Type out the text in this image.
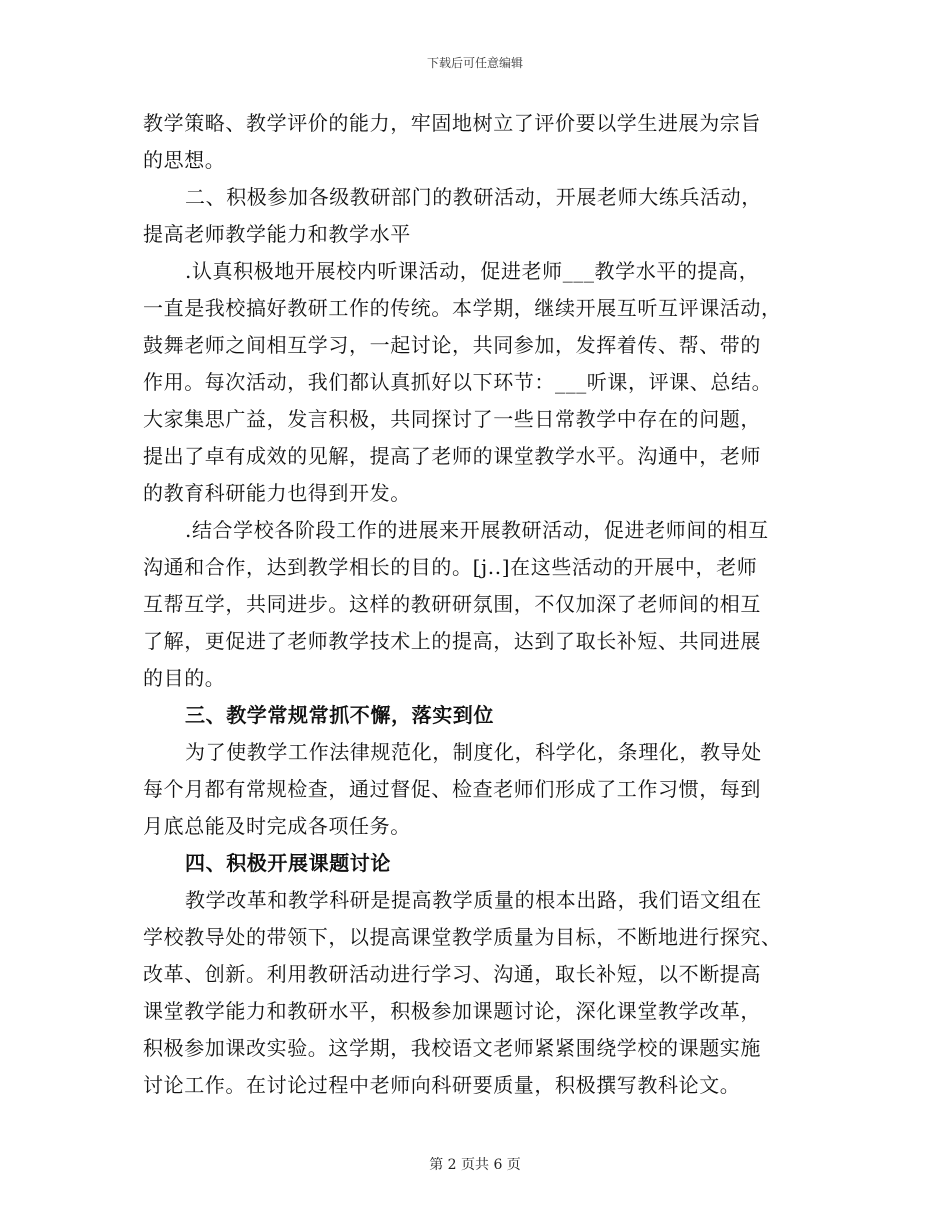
下载后可任意编辑
教学策略、教学评价的能力，牢固地树立了评价要以学生进展为宗旨
的思想。
二、积极参加各级教研部门的教研活动，开展老师大练兵活动，
提高老师教学能力和教学水平
.认真积极地开展校内听课活动，促进老师___教学水平的提高，
一直是我校搞好教研工作的传统。本学期，继续开展互听互评课活动，
鼓舞老师之间相互学习，一起讨论，共同参加，发挥着传、帮、带的
作用。每次活动，我们都认真抓好以下环节：___听课，评课、总结。
大家集思广益，发言积极，共同探讨了一些日常教学中存在的问题，
提出了卓有成效的见解，提高了老师的课堂教学水平。沟通中，老师
的教育科研能力也得到开发。
.结合学校各阶段工作的进展来开展教研活动，促进老师间的相互
沟通和合作，达到教学相长的目的。[j..]在这些活动的开展中，老师
互帮互学，共同进步。这样的教研研氛围，不仅加深了老师间的相互
了解，更促进了老师教学技术上的提高，达到了取长补短、共同进展
的目的。
三、教学常规常抓不懈，落实到位
为了使教学工作法律规范化，制度化，科学化，条理化，教导处
每个月都有常规检查，通过督促、检查老师们形成了工作习惯，每到
月底总能及时完成各项任务。
四、积极开展课题讨论
教学改革和教学科研是提高教学质量的根本出路，我们语文组在
学校教导处的带领下，以提高课堂教学质量为目标，不断地进行探究、
改革、创新。利用教研活动进行学习、沟通，取长补短，以不断提高
课堂教学能力和教研水平，积极参加课题讨论，深化课堂教学改革，
积极参加课改实验。这学期，我校语文老师紧紧围绕学校的课题实施
讨论工作。在讨论过程中老师向科研要质量，积极撰写教科论文。
第 2 页共 6 页
